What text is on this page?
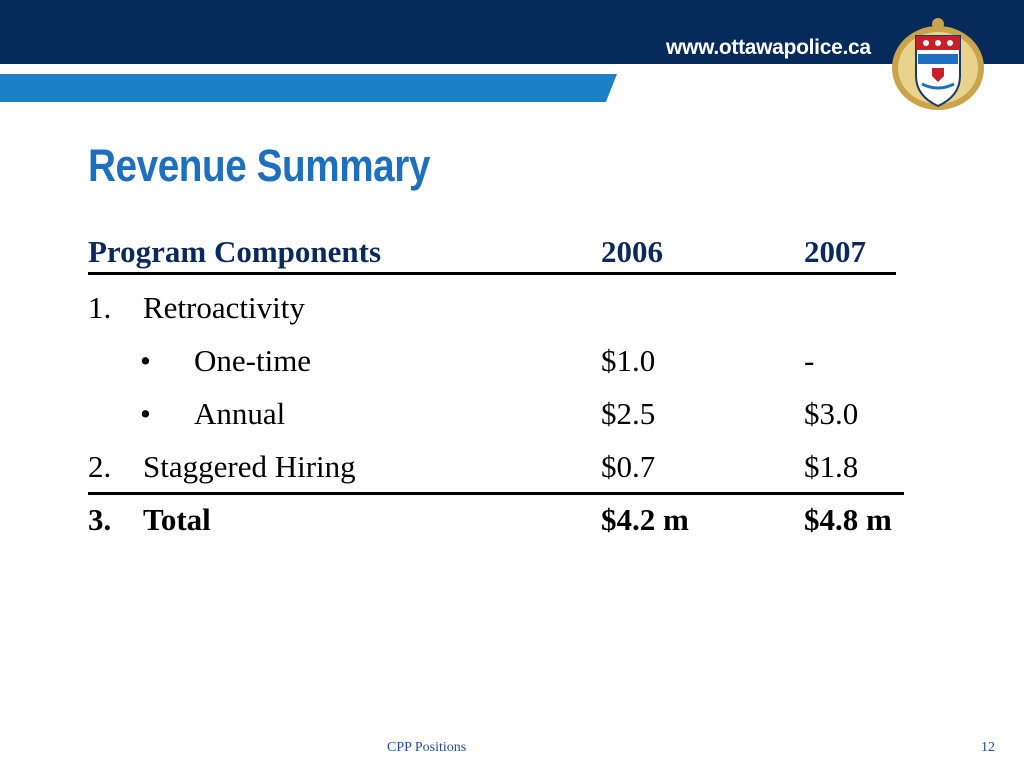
www.ottawapolice.ca
Revenue Summary
Program Components	2006	2007
1. Retroactivity
• One-time	$1.0	-
• Annual	$2.5	$3.0
2. Staggered Hiring	$0.7	$1.8
3. Total	$4.2 m	$4.8 m
CPP Positions	12
